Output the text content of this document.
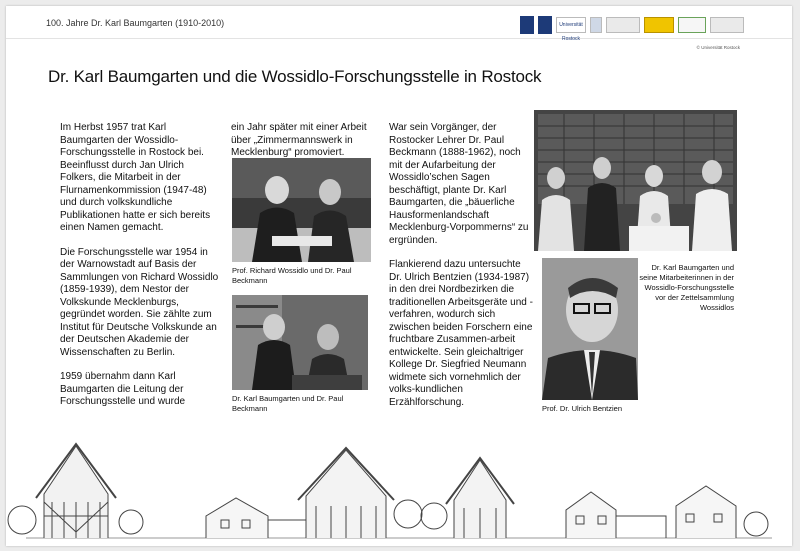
100. Jahre Dr. Karl Baumgarten (1910-2010)	Universität Rostock
© Universität Rostock
Dr. Karl Baumgarten und die Wossidlo-Forschungsstelle in Rostock

Im Herbst 1957 trat Karl Baumgarten der Wossidlo-Forschungsstelle in Rostock bei. Beeinflusst durch Jan Ulrich Folkers, die Mitarbeit in der Flurnamenkommission (1947-48) und durch volkskundliche Publikationen hatte er sich bereits einen Namen gemacht.

Die Forschungsstelle war 1954 in der Warnowstadt auf Basis der Sammlungen von Richard Wossidlo (1859-1939), dem Nestor der Volkskunde Mecklenburgs, gegründet worden. Sie zählte zum Institut für Deutsche Volkskunde an der Deutschen Akademie der Wissenschaften zu Berlin.

1959 übernahm dann Karl Baumgarten die Leitung der Forschungsstelle und wurde

ein Jahr später mit einer Arbeit über „Zimmermannswerk in Mecklenburg“ promoviert.

Prof. Richard Wossidlo und Dr. Paul Beckmann
Dr. Karl Baumgarten und Dr. Paul Beckmann

War sein Vorgänger, der Rostocker Lehrer Dr. Paul Beckmann (1888-1962), noch mit der Aufarbeitung der Wossidlo’schen Sagen beschäftigt, plante Dr. Karl Baumgarten, die „bäuerliche Hausformenlandschaft Mecklenburg-Vorpommerns“ zu ergründen.

Flankierend dazu untersuchte Dr. Ulrich Bentzien (1934-1987) in den drei Nordbezirken die traditionellen Arbeitsgeräte und -verfahren, wodurch sich zwischen beiden Forschern eine fruchtbare Zusammen-arbeit entwickelte. Sein gleichaltriger Kollege Dr. Siegfried Neumann widmete sich vornehmlich der volks-kundlichen Erzählforschung.

Prof. Dr. Ulrich Bentzien
Dr. Karl Baumgarten und seine Mitarbeiterinnen in der Wossidlo-Forschungsstelle vor der Zettelsammlung Wossidlos
